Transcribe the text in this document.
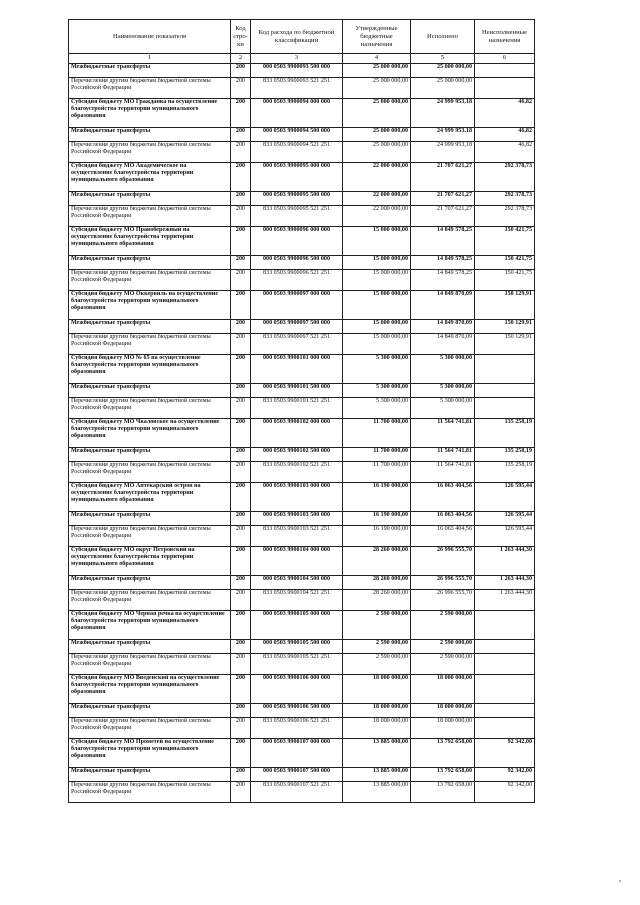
Наименование показателя	Код стро-ки	Код расхода по бюджетной классификации	Утвержденные бюджетные назначения	Исполнено	Неисполненные назначения
1	2	3	4	5	6
Межбюджетные трансферты	200	000 0503 9900093 500 000	25 000 000,00	25 000 000,00	
Перечисления другим бюджетам бюджетной системы Российской Федерации	200	833 0503 9900093 521 251	25 000 000,00	25 000 000,00	
Субсидия бюджету МО Гражданка на осуществление благоустройства территории муниципального образования	200	000 0503 9900094 000 000	25 000 000,00	24 999 953,18	46,82
Межбюджетные трансферты	200	000 0503 9900094 500 000	25 000 000,00	24 999 953,18	46,82
Перечисления другим бюджетам бюджетной системы Российской Федерации	200	833 0503 9900094 521 251	25 000 000,00	24 999 953,18	46,82
Субсидия бюджету МО Академическое на осуществление благоустройства территории муниципального образования	200	000 0503 9900095 000 000	22 000 000,00	21 707 621,27	292 378,73
Межбюджетные трансферты	200	000 0503 9900095 500 000	22 000 000,00	21 707 621,27	292 378,73
Перечисления другим бюджетам бюджетной системы Российской Федерации	200	833 0503 9900095 521 251	22 000 000,00	21 707 621,27	292 378,73
Субсидия бюджету МО Правобережный на осуществление благоустройства территории муниципального образования	200	000 0503 9900096 000 000	15 000 000,00	14 849 578,25	150 421,75
Межбюджетные трансферты	200	000 0503 9900096 500 000	15 000 000,00	14 849 578,25	150 421,75
Перечисления другим бюджетам бюджетной системы Российской Федерации	200	833 0503 9900096 521 251	15 000 000,00	14 849 578,25	150 421,75
Субсидия бюджету МО Оккервиль на осуществление благоустройства территории муниципального образования	200	000 0503 9900097 000 000	15 000 000,00	14 849 870,09	150 129,91
Межбюджетные трансферты	200	000 0503 9900097 500 000	15 000 000,00	14 849 870,09	150 129,91
Перечисления другим бюджетам бюджетной системы Российской Федерации	200	833 0503 9900097 521 251	15 000 000,00	14 849 870,09	150 129,91
Субсидия бюджету МО № 65 на осуществление благоустройства территории муниципального образования	200	000 0503 9900101 000 000	5 300 000,00	5 300 000,00	
Межбюджетные трансферты	200	000 0503 9900101 500 000	5 300 000,00	5 300 000,00	
Перечисления другим бюджетам бюджетной системы Российской Федерации	200	833 0503 9900101 521 251	5 300 000,00	5 300 000,00	
Субсидия бюджету МО Чкаловское на осуществление благоустройства территории муниципального образования	200	000 0503 9900102 000 000	11 700 000,00	11 564 741,81	135 258,19
Межбюджетные трансферты	200	000 0503 9900102 500 000	11 700 000,00	11 564 741,81	135 258,19
Перечисления другим бюджетам бюджетной системы Российской Федерации	200	833 0503 9900102 521 251	11 700 000,00	11 564 741,81	135 258,19
Субсидия бюджету МО Аптекарский остров на осуществление благоустройства территории муниципального образования	200	000 0503 9900103 000 000	16 190 000,00	16 063 404,56	126 595,44
Межбюджетные трансферты	200	000 0503 9900103 500 000	16 190 000,00	16 063 404,56	126 595,44
Перечисления другим бюджетам бюджетной системы Российской Федерации	200	833 0503 9900103 521 251	16 190 000,00	16 063 404,56	126 595,44
Субсидия бюджету МО округ Петровский на осуществление благоустройства территории муниципального образования	200	000 0503 9900104 000 000	28 260 000,00	26 996 555,70	1 263 444,30
Межбюджетные трансферты	200	000 0503 9900104 500 000	28 260 000,00	26 996 555,70	1 263 444,30
Перечисления другим бюджетам бюджетной системы Российской Федерации	200	833 0503 9900104 521 251	28 260 000,00	26 996 555,70	1 263 444,30
Субсидия бюджету МО Черная речка на осуществление благоустройства территории муниципального образования	200	000 0503 9900105 000 000	2 590 000,00	2 590 000,00	
Межбюджетные трансферты	200	000 0503 9900105 500 000	2 590 000,00	2 590 000,00	
Перечисления другим бюджетам бюджетной системы Российской Федерации	200	833 0503 9900105 521 251	2 590 000,00	2 590 000,00	
Субсидия бюджету МО Введенский на осуществление благоустройства территории муниципального образования	200	000 0503 9900106 000 000	18 000 000,00	18 000 000,00	
Межбюджетные трансферты	200	000 0503 9900106 500 000	18 000 000,00	18 000 000,00	
Перечисления другим бюджетам бюджетной системы Российской Федерации	200	833 0503 9900106 521 251	18 000 000,00	18 000 000,00	
Субсидия бюджету МО Прометей на осуществление благоустройства территории муниципального образования	200	000 0503 9900107 000 000	13 885 000,00	13 792 658,00	92 342,00
Межбюджетные трансферты	200	000 0503 9900107 500 000	13 885 000,00	13 792 658,00	92 342,00
Перечисления другим бюджетам бюджетной системы Российской Федерации	200	833 0503 9900107 521 251	13 885 000,00	13 792 658,00	92 342,00
